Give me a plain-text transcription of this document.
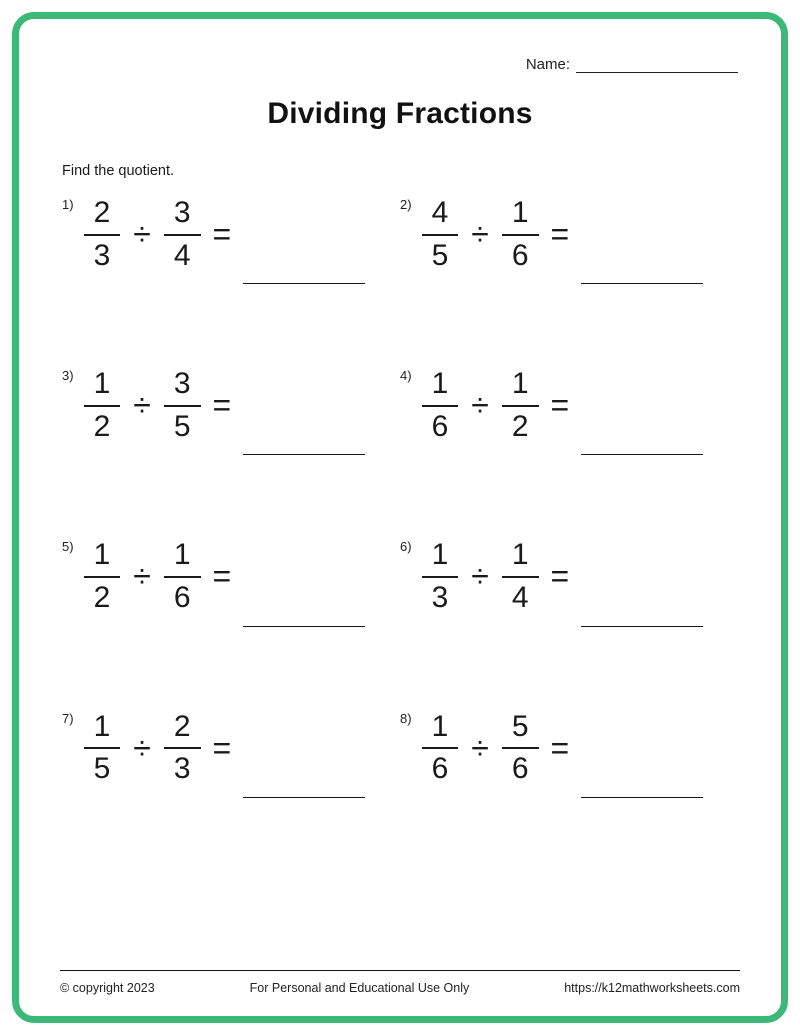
Name:
Dividing Fractions
Find the quotient.
$1) \frac{2}{3} \div \frac{3}{4}$ =
$2) \frac{4}{5} \div \frac{1}{6}$ =
$3) \frac{1}{2} \div \frac{3}{5}$ =
$4) \frac{1}{6} \div \frac{1}{2}$ =
$5) \frac{1}{2} \div \frac{1}{6}$ =
$6) \frac{1}{3} \div \frac{1}{4}$ =
$7) \frac{1}{5} \div \frac{2}{3}$ =
$8) \frac{1}{6} \div \frac{5}{6}$ =
© copyright 2023	For Personal and Educational Use Only	https://k12mathworksheets.com
